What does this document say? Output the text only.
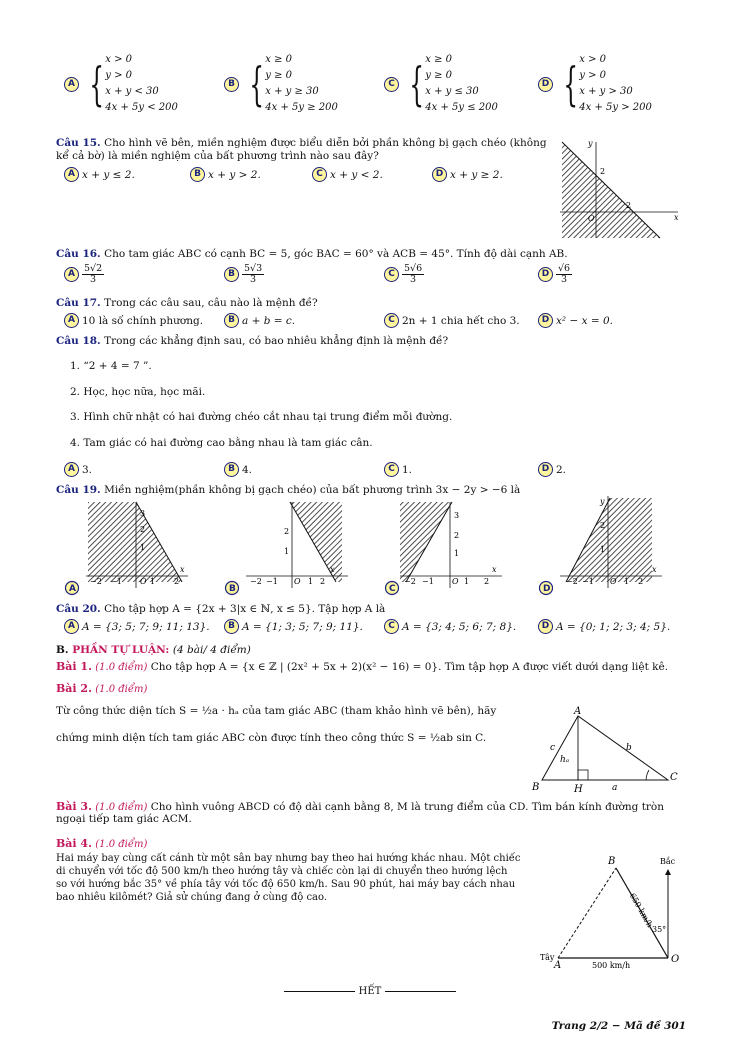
A { x > 0
y > 0
x + y < 30
4x + 5y < 200
B { x ≥ 0
y ≥ 0
x + y ≥ 30
4x + 5y ≥ 200
C { x ≥ 0
y ≥ 0
x + y ≤ 30
4x + 5y ≤ 200
D { x > 0
y > 0
x + y > 30
4x + 5y > 200
Câu 15. Cho hình vẽ bên, miền nghiệm được biểu diễn bởi phần không bị gạch chéo (không
kể cả bờ) là miền nghiệm của bất phương trình nào sau đây?
A x + y ≤ 2.	B x + y > 2.	C x + y < 2.	D x + y ≥ 2.
y
x
2
2
O
Câu 16. Cho tam giác ABC có cạnh BC = 5, góc BAC = 60° và ACB = 45°. Tính độ dài cạnh AB.
A $\frac{5√2}{3}$	B $\frac{5√3}{3}$	C $\frac{5√6}{3}$	D $\frac{√6}{3}$
Câu 17. Trong các câu sau, câu nào là mệnh đề?
A 10 là số chính phương.	B a + b = c.	C 2n + 1 chia hết cho 3.	D x² − x = 0.
Câu 18. Trong các khẳng định sau, có bao nhiêu khẳng định là mệnh đề?
1. “2 + 4 = 7 ”.
2. Học, học nữa, học mãi.
3. Hình chữ nhật có hai đường chéo cắt nhau tại trung điểm mỗi đường.
4. Tam giác có hai đường cao bằng nhau là tam giác cân.
A 3.	B 4.	C 1.	D 2.
Câu 19. Miền nghiệm(phần không bị gạch chéo) của bất phương trình 3x − 2y > −6 là
3
2
1
−2 −1 O 1 2
x
A
2
1
−2 −1 O 1 2
x
B
3
2
1
−2 −1 O 1 2
x
C
y
2
1
−2 −1 O 1 2
x
D
Câu 20. Cho tập hợp A = {2x + 3|x ∈ ℕ, x ≤ 5}. Tập hợp A là
A A = {3; 5; 7; 9; 11; 13}.	B A = {1; 3; 5; 7; 9; 11}.	C A = {3; 4; 5; 6; 7; 8}.	D A = {0; 1; 2; 3; 4; 5}.
B. PHẦN TỰ LUẬN: (4 bài/ 4 điểm)
Bài 1. (1.0 điểm) Cho tập hợp A = {x ∈ ℤ | (2x² + 5x + 2)(x² − 16) = 0}. Tìm tập hợp A được viết dưới dạng liệt kê.
Bài 2. (1.0 điểm)
Từ công thức diện tích S = ½a · hₐ của tam giác ABC (tham khảo hình vẽ bên), hãy
chứng minh diện tích tam giác ABC còn được tính theo công thức S = ½ab sin C.
A
B
C
H	a
b
c
hₐ
Bài 3. (1.0 điểm) Cho hình vuông ABCD có độ dài cạnh bằng 8, M là trung điểm của CD. Tìm bán kính đường tròn
ngoại tiếp tam giác ACM.
Bài 4. (1.0 điểm)
Hai máy bay cùng cất cánh từ một sân bay nhưng bay theo hai hướng khác nhau. Một chiếc
di chuyển với tốc độ 500 km/h theo hướng tây và chiếc còn lại di chuyển theo hướng lệch
so với hướng bắc 35° về phía tây với tốc độ 650 km/h. Sau 90 phút, hai máy bay cách nhau
bao nhiêu kilômét? Giả sử chúng đang ở cùng độ cao.
B
A
O
Bắc
Tây
500 km/h
650 km/h
35°
HẾT
Trang 2/2 − Mã đề 301
